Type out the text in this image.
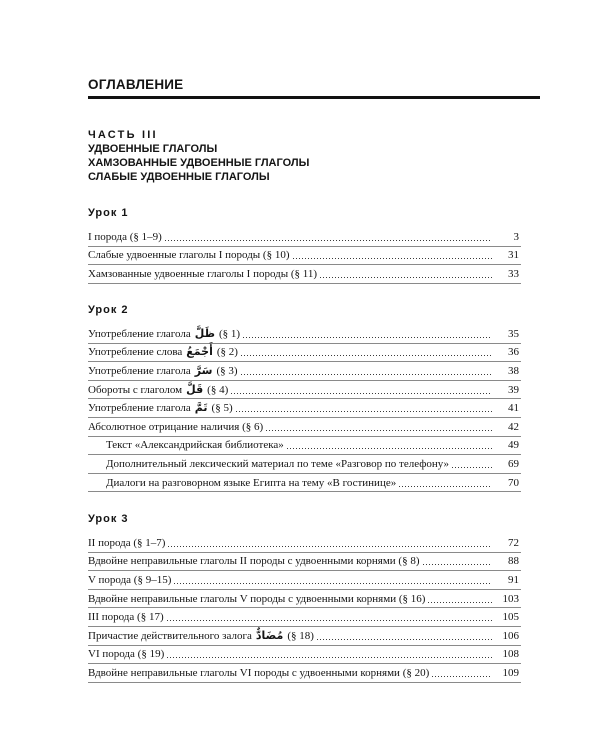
ОГЛАВЛЕНИЕ
ЧАСТЬ III
УДВОЕННЫЕ ГЛАГОЛЫ
ХАМЗОВАННЫЕ УДВОЕННЫЕ ГЛАГОЛЫ
СЛАБЫЕ УДВОЕННЫЕ ГЛАГОЛЫ
Урок 1
I порода (§ 1–9)	3
Слабые удвоенные глаголы I породы (§ 10)	31
Хамзованные удвоенные глаголы I породы (§ 11)	33
Урок 2
Употребление глагола ظَلَّ (§ 1)	35
Употребление слова أَجْمَعُ (§ 2)	36
Употребление глагола سَرَّ (§ 3)	38
Обороты с глаголом قَلَّ (§ 4)	39
Употребление глагола تَمَّ (§ 5)	41
Абсолютное отрицание наличия (§ 6)	42
Текст «Александрийская библиотека»	49
Дополнительный лексический материал по теме «Разговор по телефону»	69
Диалоги на разговорном языке Египта на тему «В гостинице»	70
Урок 3
II порода (§ 1–7)	72
Вдвойне неправильные глаголы II породы с удвоенными корнями (§ 8)	88
V порода (§ 9–15)	91
Вдвойне неправильные глаголы V породы с удвоенными корнями (§ 16)	103
III порода (§ 17)	105
Причастие действительного залога مُضَادٌّ (§ 18)	106
VI порода (§ 19)	108
Вдвойне неправильные глаголы VI породы с удвоенными корнями (§ 20)	109
